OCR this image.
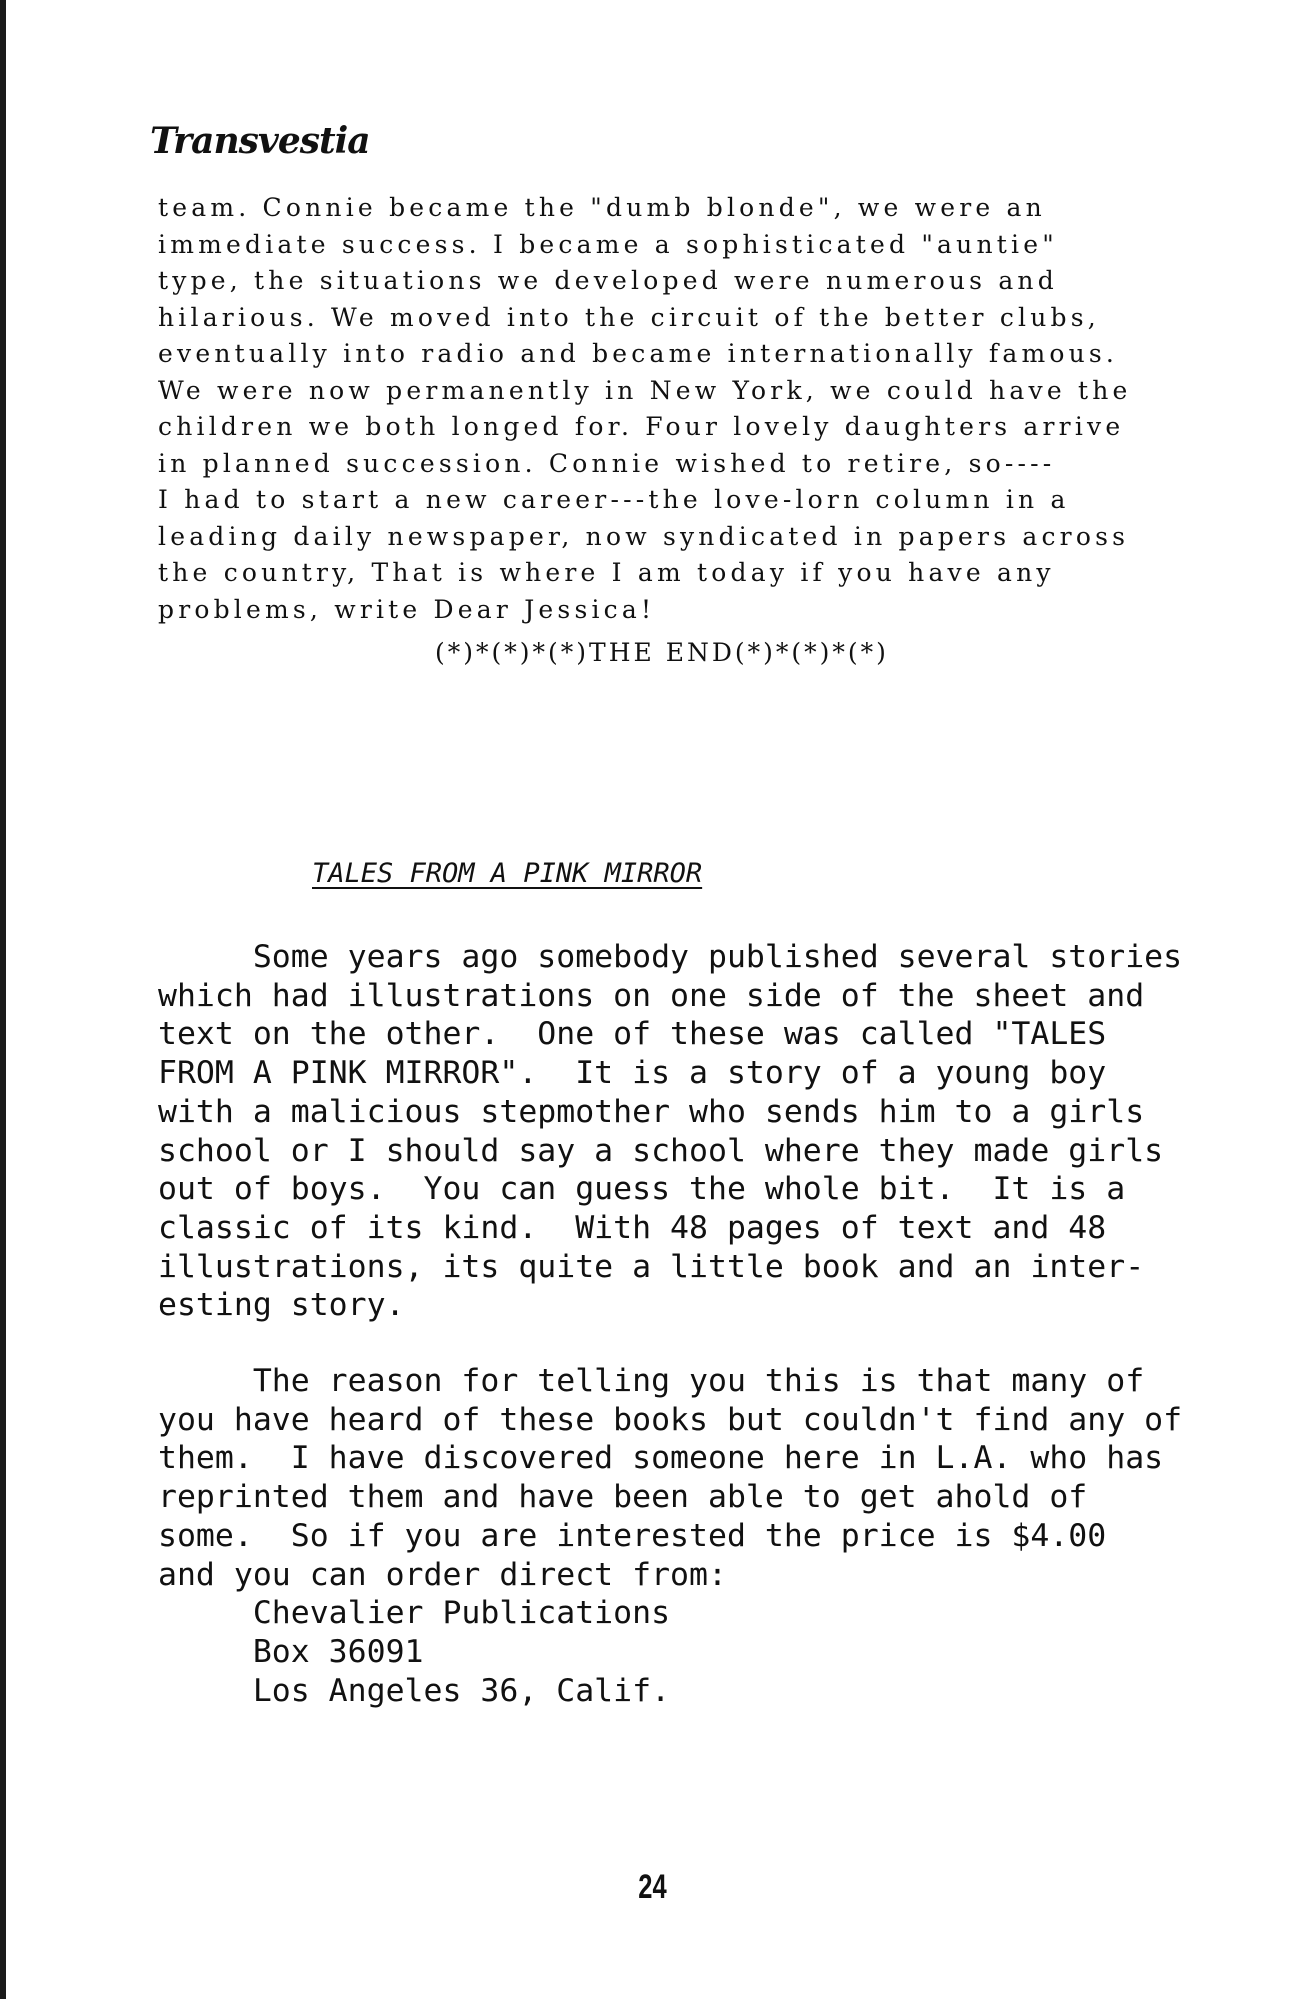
Transvestia
team. Connie became the "dumb blonde", we were an
immediate success. I became a sophisticated "auntie"
type, the situations we developed were numerous and
hilarious. We moved into the circuit of the better clubs,
eventually into radio and became internationally famous.
We were now permanently in New York, we could have the
children we both longed for. Four lovely daughters arrive
in planned succession. Connie wished to retire, so----
I had to start a new career---the love-lorn column in a
leading daily newspaper, now syndicated in papers across
the country, That is where I am today if you have any
problems, write Dear Jessica!
(*)*(*)*(*)THE END(*)*(*)*(*)
TALES FROM A PINK MIRROR
Some years ago somebody published several stories
which had illustrations on one side of the sheet and
text on the other.  One of these was called "TALES
FROM A PINK MIRROR".  It is a story of a young boy
with a malicious stepmother who sends him to a girls
school or I should say a school where they made girls
out of boys.  You can guess the whole bit.  It is a
classic of its kind.  With 48 pages of text and 48
illustrations, its quite a little book and an inter-
esting story.
The reason for telling you this is that many of
you have heard of these books but couldn't find any of
them.  I have discovered someone here in L.A. who has
reprinted them and have been able to get ahold of
some.  So if you are interested the price is $4.00
and you can order direct from:
Chevalier Publications
Box 36091
Los Angeles 36, Calif.
24
